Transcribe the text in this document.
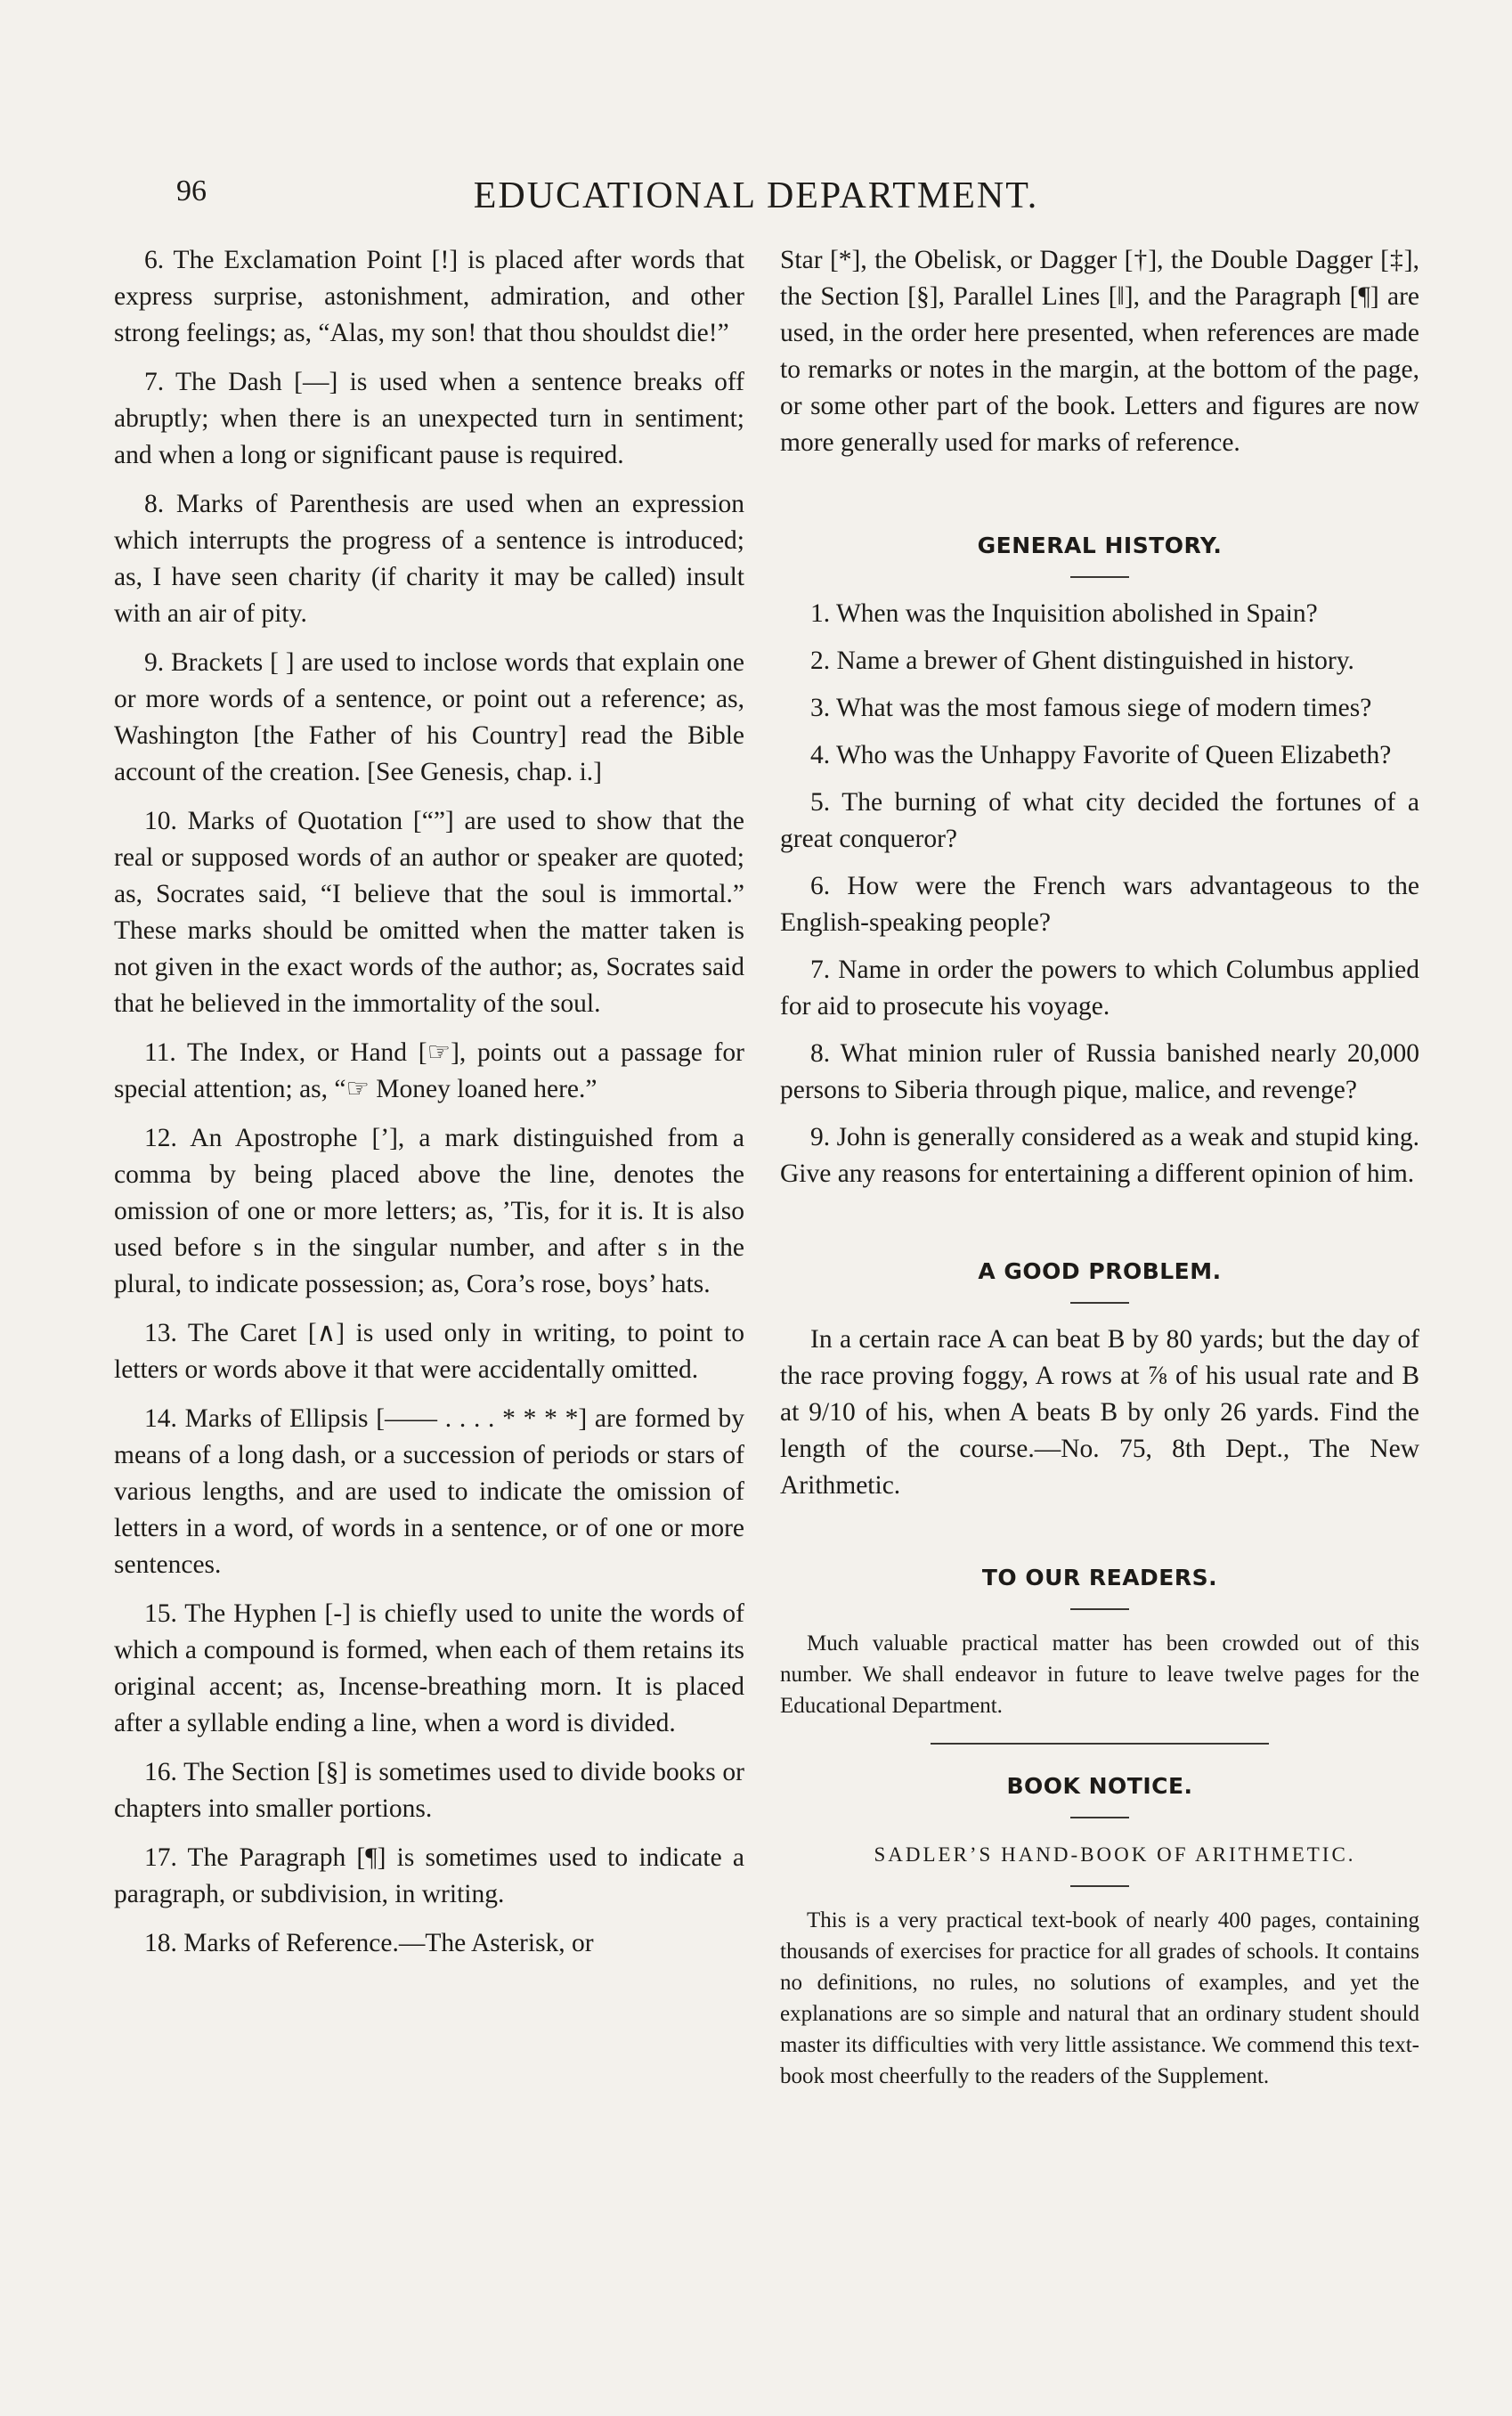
96	EDUCATIONAL DEPARTMENT.

6. The Exclamation Point [!] is placed after words that express surprise, astonishment, admiration, and other strong feelings; as, “Alas, my son! that thou shouldst die!”

7. The Dash [—] is used when a sentence breaks off abruptly; when there is an unexpected turn in sentiment; and when a long or significant pause is required.

8. Marks of Parenthesis are used when an expression which interrupts the progress of a sentence is introduced; as, I have seen charity (if charity it may be called) insult with an air of pity.

9. Brackets [ ] are used to inclose words that explain one or more words of a sentence, or point out a reference; as, Washington [the Father of his Country] read the Bible account of the creation. [See Genesis, chap. i.]

10. Marks of Quotation [“”] are used to show that the real or supposed words of an author or speaker are quoted; as, Socrates said, “I believe that the soul is immortal.” These marks should be omitted when the matter taken is not given in the exact words of the author; as, Socrates said that he believed in the immortality of the soul.

11. The Index, or Hand [☞], points out a passage for special attention; as, “☞ Money loaned here.”

12. An Apostrophe [’], a mark distinguished from a comma by being placed above the line, denotes the omission of one or more letters; as, ’Tis, for it is. It is also used before s in the singular number, and after s in the plural, to indicate possession; as, Cora’s rose, boys’ hats.

13. The Caret [∧] is used only in writing, to point to letters or words above it that were accidentally omitted.

14. Marks of Ellipsis [—— . . . . * * * *] are formed by means of a long dash, or a succession of periods or stars of various lengths, and are used to indicate the omission of letters in a word, of words in a sentence, or of one or more sentences.

15. The Hyphen [-] is chiefly used to unite the words of which a compound is formed, when each of them retains its original accent; as, Incense-breathing morn. It is placed after a syllable ending a line, when a word is divided.

16. The Section [§] is sometimes used to divide books or chapters into smaller portions.

17. The Paragraph [¶] is sometimes used to indicate a paragraph, or subdivision, in writing.

18. Marks of Reference.—The Asterisk, or

Star [*], the Obelisk, or Dagger [†], the Double Dagger [‡], the Section [§], Parallel Lines [‖], and the Paragraph [¶] are used, in the order here presented, when references are made to remarks or notes in the margin, at the bottom of the page, or some other part of the book. Letters and figures are now more generally used for marks of reference.

GENERAL HISTORY.

1. When was the Inquisition abolished in Spain?

2. Name a brewer of Ghent distinguished in history.

3. What was the most famous siege of modern times?

4. Who was the Unhappy Favorite of Queen Elizabeth?

5. The burning of what city decided the fortunes of a great conqueror?

6. How were the French wars advantageous to the English-speaking people?

7. Name in order the powers to which Columbus applied for aid to prosecute his voyage.

8. What minion ruler of Russia banished nearly 20,000 persons to Siberia through pique, malice, and revenge?

9. John is generally considered as a weak and stupid king. Give any reasons for entertaining a different opinion of him.

A GOOD PROBLEM.

In a certain race A can beat B by 80 yards; but the day of the race proving foggy, A rows at ⅞ of his usual rate and B at 9/10 of his, when A beats B by only 26 yards. Find the length of the course.—No. 75, 8th Dept., The New Arithmetic.

TO OUR READERS.

Much valuable practical matter has been crowded out of this number. We shall endeavor in future to leave twelve pages for the Educational Department.

BOOK NOTICE.

SADLER’S HAND-BOOK OF ARITHMETIC.

This is a very practical text-book of nearly 400 pages, containing thousands of exercises for practice for all grades of schools. It contains no definitions, no rules, no solutions of examples, and yet the explanations are so simple and natural that an ordinary student should master its difficulties with very little assistance. We commend this text-book most cheerfully to the readers of the Supplement.
